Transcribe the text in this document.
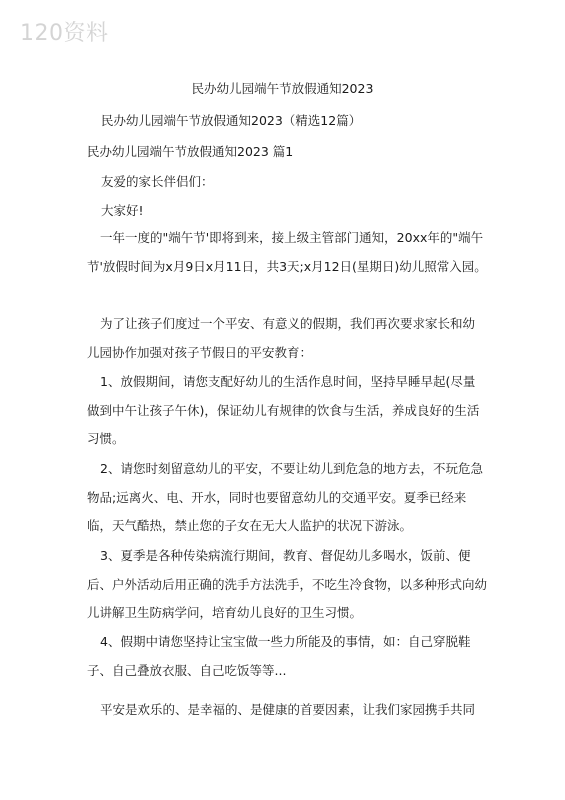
120资料
民办幼儿园端午节放假通知2023
民办幼儿园端午节放假通知2023（精选12篇）
民办幼儿园端午节放假通知2023 篇1
友爱的家长伴侣们：
大家好!

一年一度的"端午节'即将到来，接上级主管部门通知，20xx年的"端午节'放假时间为x月9日x月11日，共3天;x月12日(星期日)幼儿照常入园。

为了让孩子们度过一个平安、有意义的假期，我们再次要求家长和幼儿园协作加强对孩子节假日的平安教育：

1、放假期间，请您支配好幼儿的生活作息时间，坚持早睡早起(尽量做到中午让孩子午休)，保证幼儿有规律的饮食与生活，养成良好的生活习惯。

2、请您时刻留意幼儿的平安，不要让幼儿到危急的地方去，不玩危急物品;远离火、电、开水，同时也要留意幼儿的交通平安。夏季已经来临，天气酷热，禁止您的子女在无大人监护的状况下游泳。

3、夏季是各种传染病流行期间，教育、督促幼儿多喝水，饭前、便后、户外活动后用正确的洗手方法洗手，不吃生冷食物，以多种形式向幼儿讲解卫生防病学问，培育幼儿良好的卫生习惯。

4、假期中请您坚持让宝宝做一些力所能及的事情，如：自己穿脱鞋子、自己叠放衣服、自己吃饭等等...

平安是欢乐的、是幸福的、是健康的首要因素，让我们家园携手共同
